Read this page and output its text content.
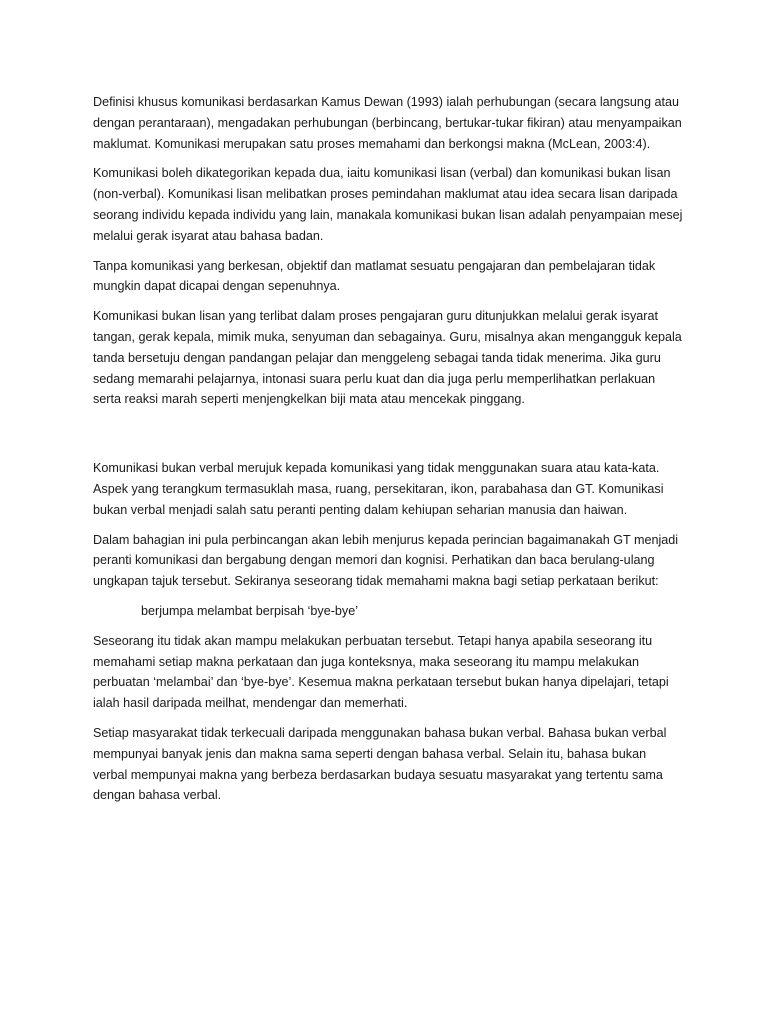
Definisi khusus komunikasi berdasarkan Kamus Dewan (1993) ialah perhubungan (secara langsung atau dengan perantaraan), mengadakan perhubungan (berbincang, bertukar-tukar fikiran) atau menyampaikan maklumat. Komunikasi merupakan satu proses memahami dan berkongsi makna (McLean, 2003:4).

Komunikasi boleh dikategorikan kepada dua, iaitu komunikasi lisan (verbal) dan komunikasi bukan lisan (non-verbal). Komunikasi lisan melibatkan proses pemindahan maklumat atau idea secara lisan daripada seorang individu kepada individu yang lain, manakala komunikasi bukan lisan adalah penyampaian mesej melalui gerak isyarat atau bahasa badan.

Tanpa komunikasi yang berkesan, objektif dan matlamat sesuatu pengajaran dan pembelajaran tidak mungkin dapat dicapai dengan sepenuhnya.

Komunikasi bukan lisan yang terlibat dalam proses pengajaran guru ditunjukkan melalui gerak isyarat tangan, gerak kepala, mimik muka, senyuman dan sebagainya. Guru, misalnya akan mengangguk kepala tanda bersetuju dengan pandangan pelajar dan menggeleng sebagai tanda tidak menerima. Jika guru sedang memarahi pelajarnya, intonasi suara perlu kuat dan dia juga perlu memperlihatkan perlakuan serta reaksi marah seperti menjengkelkan biji mata atau mencekak pinggang.

Komunikasi bukan verbal merujuk kepada komunikasi yang tidak menggunakan suara atau kata-kata. Aspek yang terangkum termasuklah masa, ruang, persekitaran, ikon, parabahasa dan GT. Komunikasi bukan verbal menjadi salah satu peranti penting dalam kehiupan seharian manusia dan haiwan.

Dalam bahagian ini pula perbincangan akan lebih menjurus kepada perincian bagaimanakah GT menjadi peranti komunikasi dan bergabung dengan memori dan kognisi. Perhatikan dan baca berulang-ulang ungkapan tajuk tersebut. Sekiranya seseorang tidak memahami makna bagi setiap perkataan berikut:

berjumpa melambat berpisah ‘bye-bye’

Seseorang itu tidak akan mampu melakukan perbuatan tersebut. Tetapi hanya apabila seseorang itu memahami setiap makna perkataan dan juga konteksnya, maka seseorang itu mampu melakukan perbuatan ‘melambai’ dan ‘bye-bye’. Kesemua makna perkataan tersebut bukan hanya dipelajari, tetapi ialah hasil daripada meilhat, mendengar dan memerhati.

Setiap masyarakat tidak terkecuali daripada menggunakan bahasa bukan verbal. Bahasa bukan verbal mempunyai banyak jenis dan makna sama seperti dengan bahasa verbal. Selain itu, bahasa bukan verbal mempunyai makna yang berbeza berdasarkan budaya sesuatu masyarakat yang tertentu sama dengan bahasa verbal.
